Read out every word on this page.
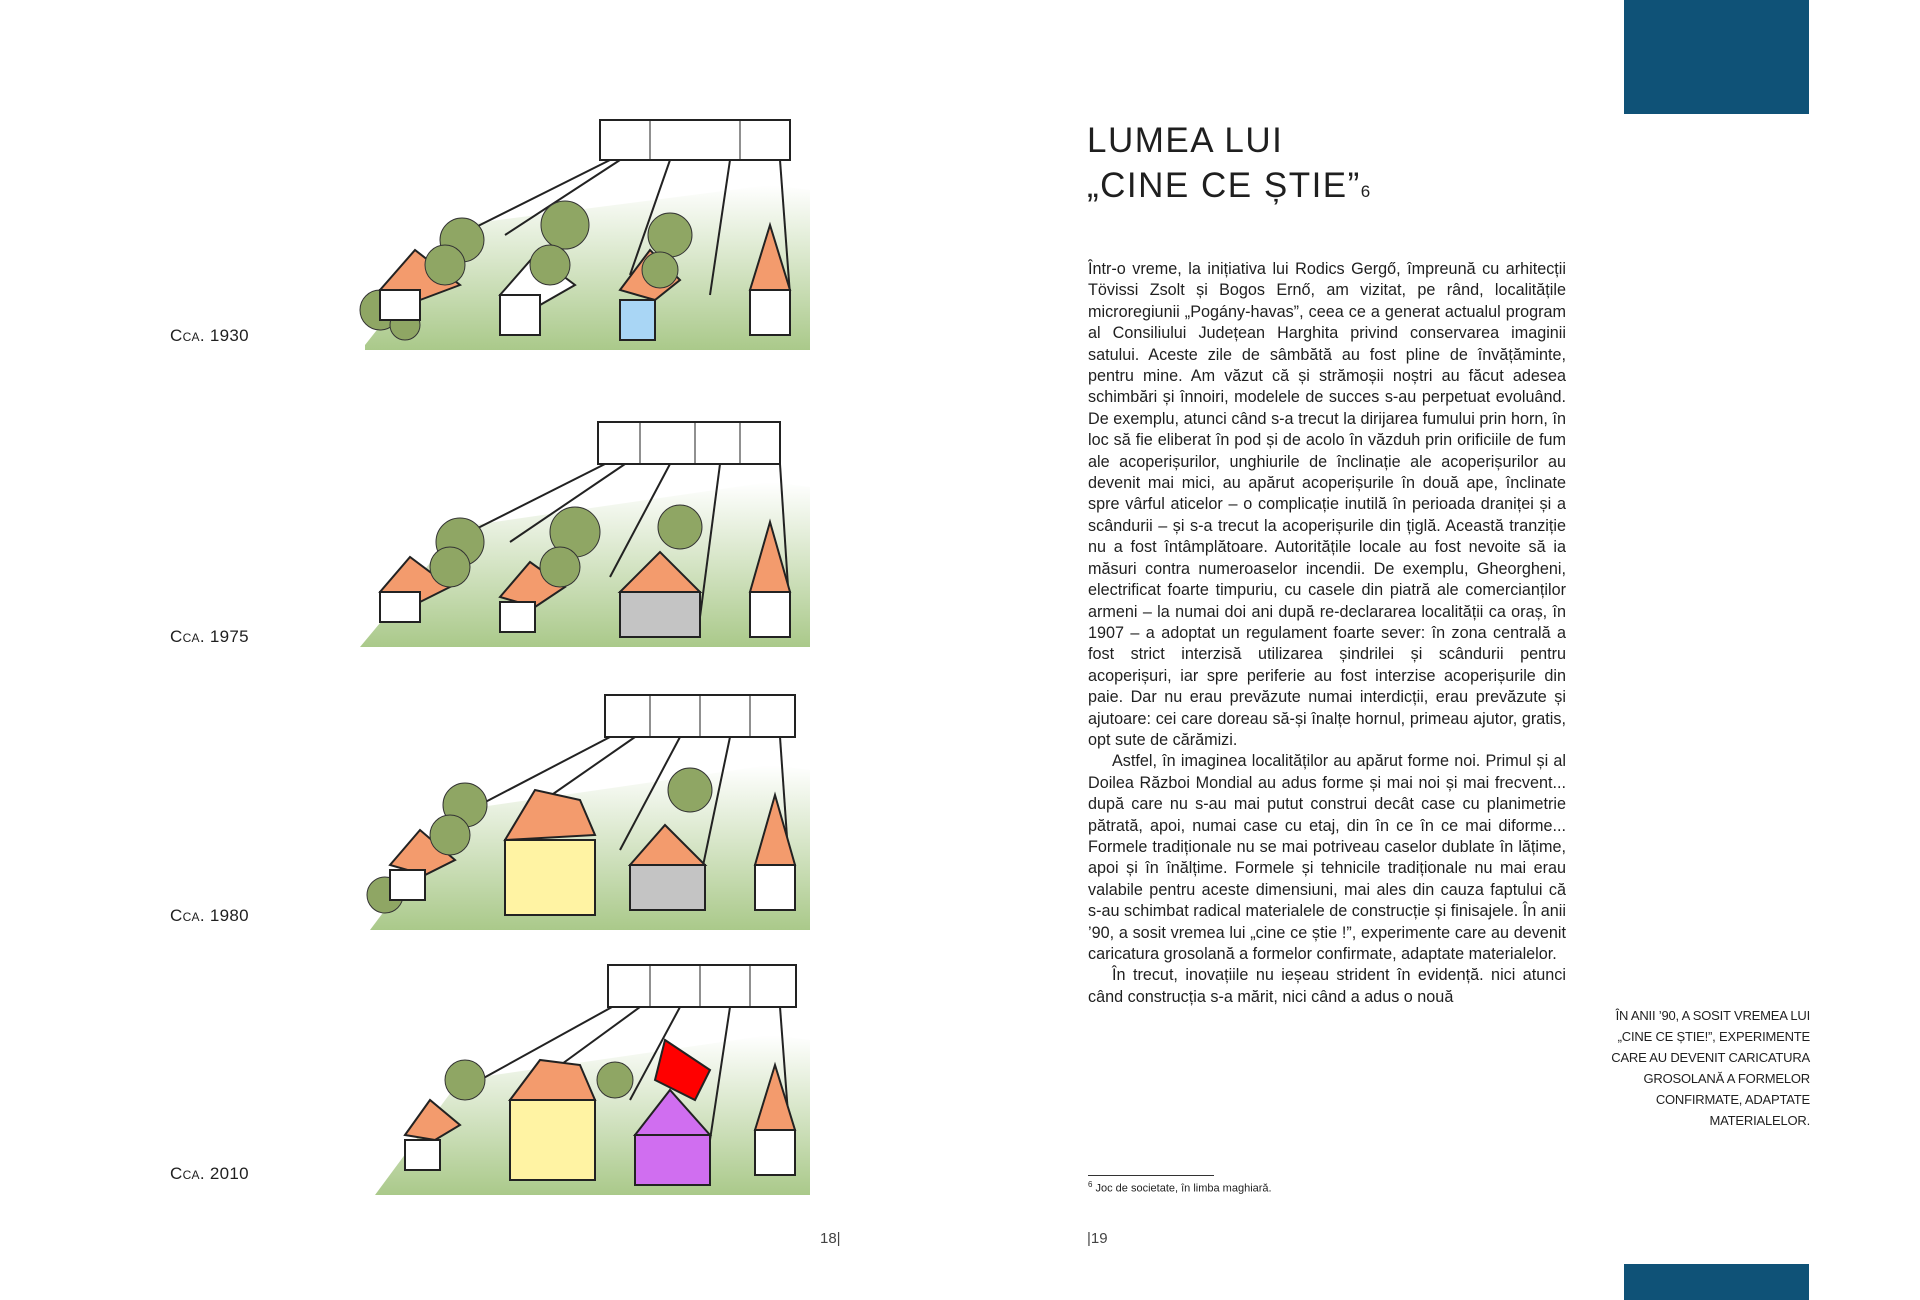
Cca. 1930
Cca. 1975
Cca. 1980
Cca. 2010
LUMEA LUI
„CINE CE ȘTIE”$^6$

Într-o vreme, la inițiativa lui Rodics Gergő, împreună cu arhitecții Tövissi Zsolt și Bogos Ernő, am vizitat, pe rând, localitățile microregiunii „Pogány-havas”, ceea ce a generat actualul program al Consiliului Județean Harghita privind conservarea imaginii satului. Aceste zile de sâmbătă au fost pline de învățăminte, pentru mine. Am văzut că și strămoșii noștri au făcut adesea schimbări și înnoiri, modelele de succes s-au perpetuat evoluând. De exemplu, atunci când s-a trecut la dirijarea fumului prin horn, în loc să fie eliberat în pod și de acolo în văzduh prin orificiile de fum ale acoperișurilor, unghiurile de înclinație ale acoperișurilor au devenit mai mici, au apărut acoperișurile în două ape, înclinate spre vârful aticelor – o complicație inutilă în perioada draniței și a scândurii – și s-a trecut la acoperișurile din țiglă. Această tranziție nu a fost întâmplătoare. Autoritățile locale au fost nevoite să ia măsuri contra numeroaselor incendii. De exemplu, Gheorgheni, electrificat foarte timpuriu, cu casele din piatră ale comercianților armeni – la numai doi ani după re-declararea localității ca oraș, în 1907 – a adoptat un regulament foarte sever: în zona centrală a fost strict interzisă utilizarea șindrilei și scândurii pentru acoperișuri, iar spre periferie au fost interzise acoperișurile din paie. Dar nu erau prevăzute numai interdicții, erau prevăzute și ajutoare: cei care doreau să-și înalțe hornul, primeau ajutor, gratis, opt sute de cărămizi.

Astfel, în imaginea localităților au apărut forme noi. Primul și al Doilea Război Mondial au adus forme și mai noi și mai frecvent... după care nu s-au mai putut construi decât case cu planimetrie pătrată, apoi, numai case cu etaj, din în ce în ce mai diforme... Formele tradiționale nu se mai potriveau caselor dublate în lățime, apoi și în înălțime. Formele și tehnicile tradiționale nu mai erau valabile pentru aceste dimensiuni, mai ales din cauza faptului că s-au schimbat radical materialele de construcție și finisajele. În anii ’90, a sosit vremea lui „cine ce știe !”, experimente care au devenit caricatura grosolană a formelor confirmate, adaptate materialelor.

În trecut, inovațiile nu ieșeau strident în evidență. nici atunci când construcția s-a mărit, nici când a adus o nouă

$^6$ Joc de societate, în limba maghiară.
ÎN ANII ’90, A SOSIT VREMEA LUI „CINE CE ȘTIE!”, EXPERIMENTE CARE AU DEVENIT CARICATURA GROSOLANĂ A FORMELOR CONFIRMATE, ADAPTATE MATERIALELOR.
18|	|19
